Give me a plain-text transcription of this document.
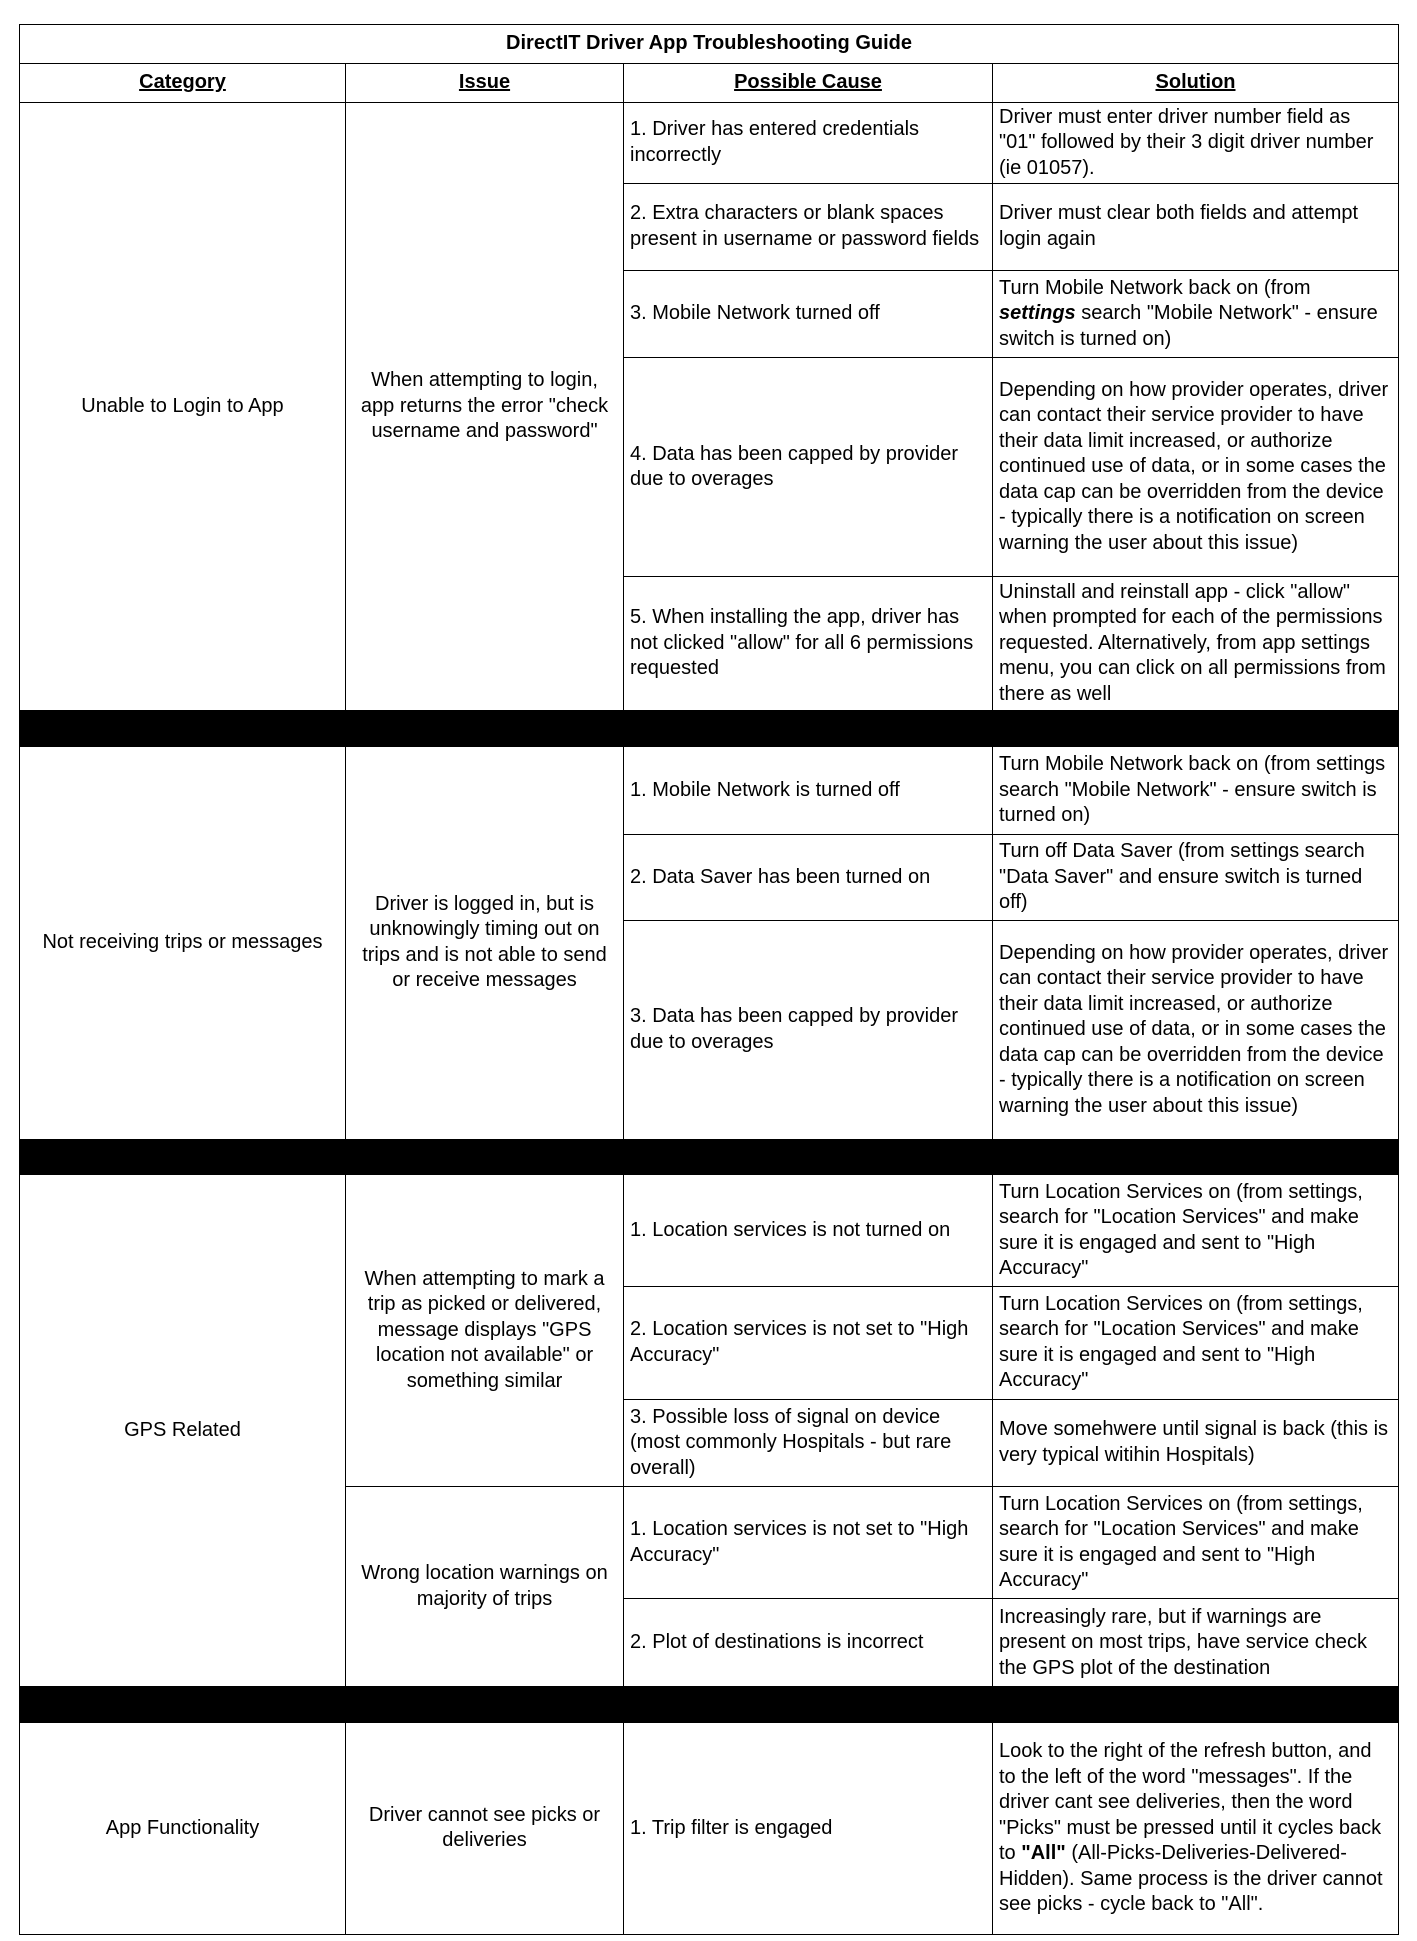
DirectIT Driver App Troubleshooting Guide			
Category	Issue	Possible Cause	Solution
Unable to Login to App	When attempting to login, app returns the error "check username and password"	1. Driver has entered credentials incorrectly	Driver must enter driver number field as "01" followed by their 3 digit driver number (ie 01057).
		2. Extra characters or blank spaces present in username or password fields	Driver must clear both fields and attempt login again
		3. Mobile Network turned off	Turn Mobile Network back on (from settings search "Mobile Network" - ensure switch is turned on)
		4. Data has been capped by provider due to overages	Depending on how provider operates, driver can contact their service provider to have their data limit increased, or authorize continued use of data, or in some cases the data cap can be overridden from the device - typically there is a notification on screen warning the user about this issue)
		5. When installing the app, driver has not clicked "allow" for all 6 permissions requested	Uninstall and reinstall app - click "allow" when prompted for each of the permissions requested. Alternatively, from app settings menu, you can click on all permissions from there as well

Not receiving trips or messages	Driver is logged in, but is unknowingly timing out on trips and is not able to send or receive messages	1. Mobile Network is turned off	Turn Mobile Network back on (from settings search "Mobile Network" - ensure switch is turned on)
		2. Data Saver has been turned on	Turn off Data Saver (from settings search "Data Saver" and ensure switch is turned off)
		3. Data has been capped by provider due to overages	Depending on how provider operates, driver can contact their service provider to have their data limit increased, or authorize continued use of data, or in some cases the data cap can be overridden from the device - typically there is a notification on screen warning the user about this issue)

GPS Related	When attempting to mark a trip as picked or delivered, message displays "GPS location not available" or something similar	1. Location services is not turned on	Turn Location Services on (from settings, search for "Location Services" and make sure it is engaged and sent to "High Accuracy"
		2. Location services is not set to "High Accuracy"	Turn Location Services on (from settings, search for "Location Services" and make sure it is engaged and sent to "High Accuracy"
		3. Possible loss of signal on device (most commonly Hospitals - but rare overall)	Move somehwere until signal is back (this is very typical witihin Hospitals)
	Wrong location warnings on majority of trips	1. Location services is not set to "High Accuracy"	Turn Location Services on (from settings, search for "Location Services" and make sure it is engaged and sent to "High Accuracy"
		2. Plot of destinations is incorrect	Increasingly rare, but if warnings are present on most trips, have service check the GPS plot of the destination

App Functionality	Driver cannot see picks or deliveries	1. Trip filter is engaged	Look to the right of the refresh button, and to the left of the word "messages". If the driver cant see deliveries, then the word "Picks" must be pressed until it cycles back to "All" (All-Picks-Deliveries-Delivered-Hidden). Same process is the driver cannot see picks - cycle back to "All".
